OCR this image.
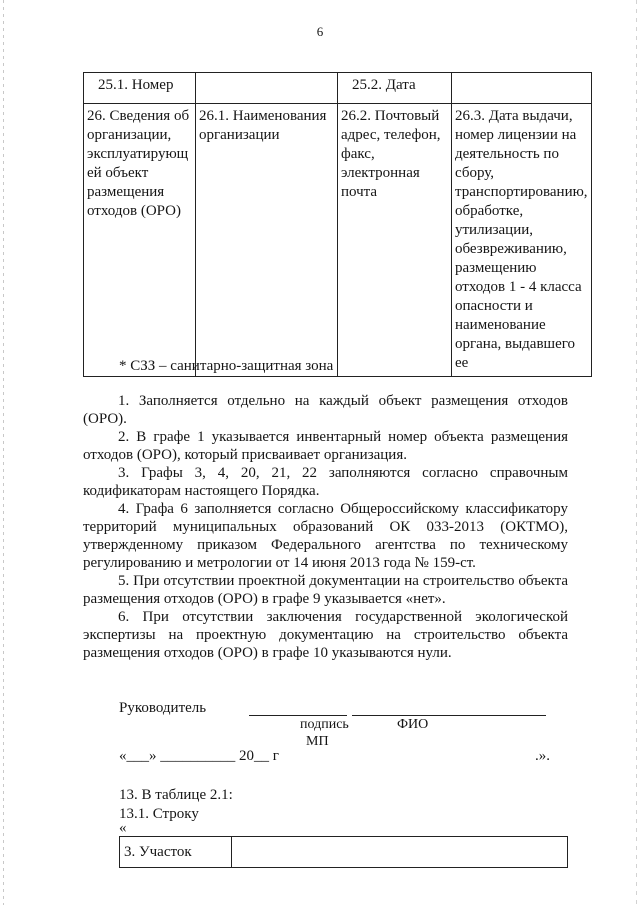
6
25.1. Номер		25.2. Дата	
26. Сведения об организации, эксплуатирующ ей объект размещения отходов (ОРО)	26.1. Наименования организации	26.2. Почтовый адрес, телефон, факс, электронная почта	26.3. Дата выдачи, номер лицензии на деятельность по сбору, транспортированию, обработке, утилизации, обезвреживанию, размещению отходов 1 - 4 класса опасности и наименование органа, выдавшего ее
* СЗЗ – санитарно-защитная зона

1. Заполняется отдельно на каждый объект размещения отходов (ОРО).

2. В графе 1 указывается инвентарный номер объекта размещения отходов (ОРО), который присваивает организация.

3. Графы 3, 4, 20, 21, 22 заполняются согласно справочным кодификаторам настоящего Порядка.

4. Графа 6 заполняется согласно Общероссийскому классификатору территорий муниципальных образований ОК 033-2013 (ОКТМО), утвержденному приказом Федерального агентства по техническому регулированию и метрологии от 14 июня 2013 года № 159-ст.

5. При отсутствии проектной документации на строительство объекта размещения отходов (ОРО) в графе 9 указывается «нет».

6. При отсутствии заключения государственной экологической экспертизы на проектную документацию на строительство объекта размещения отходов (ОРО) в графе 10 указываются нули.

Руководитель
подпись	ФИО
МП
«___» __________ 20__ г	.».
13. В таблице 2.1:
13.1. Строку
«
3. Участок	
